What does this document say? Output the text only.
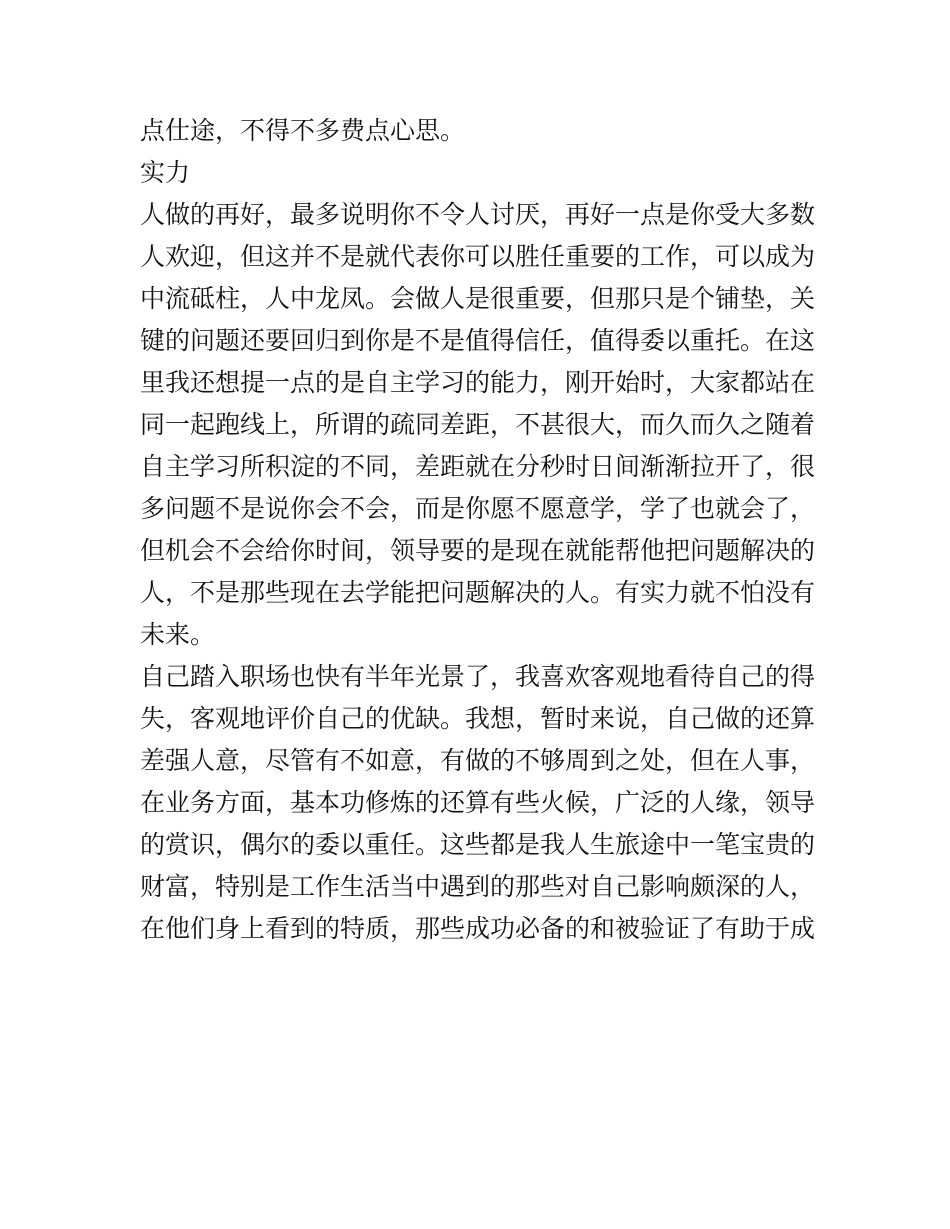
点仕途，不得不多费点心思。
实力
人做的再好，最多说明你不令人讨厌，再好一点是你受大多数
人欢迎，但这并不是就代表你可以胜任重要的工作，可以成为
中流砥柱，人中龙凤。会做人是很重要，但那只是个铺垫，关
键的问题还要回归到你是不是值得信任，值得委以重托。在这
里我还想提一点的是自主学习的能力，刚开始时，大家都站在
同一起跑线上，所谓的疏同差距，不甚很大，而久而久之随着
自主学习所积淀的不同，差距就在分秒时日间渐渐拉开了，很
多问题不是说你会不会，而是你愿不愿意学，学了也就会了，
但机会不会给你时间，领导要的是现在就能帮他把问题解决的
人，不是那些现在去学能把问题解决的人。有实力就不怕没有
未来。
自己踏入职场也快有半年光景了，我喜欢客观地看待自己的得
失，客观地评价自己的优缺。我想，暂时来说，自己做的还算
差强人意，尽管有不如意，有做的不够周到之处，但在人事，
在业务方面，基本功修炼的还算有些火候，广泛的人缘，领导
的赏识，偶尔的委以重任。这些都是我人生旅途中一笔宝贵的
财富，特别是工作生活当中遇到的那些对自己影响颇深的人，
在他们身上看到的特质，那些成功必备的和被验证了有助于成
